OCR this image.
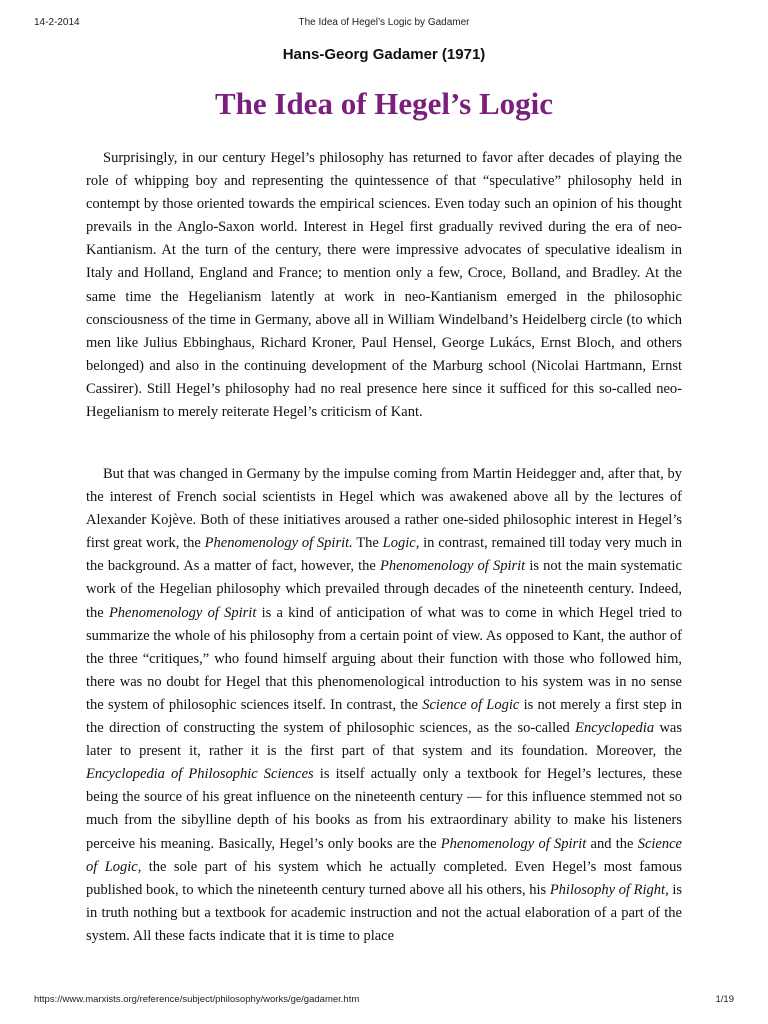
14-2-2014	The Idea of Hegel’s Logic by Gadamer
Hans-Georg Gadamer (1971)
The Idea of Hegel’s Logic

Surprisingly, in our century Hegel’s philosophy has returned to favor after decades of playing the role of whipping boy and representing the quintessence of that “speculative” philosophy held in contempt by those oriented towards the empirical sciences. Even today such an opinion of his thought prevails in the Anglo-Saxon world. Interest in Hegel first gradually revived during the era of neo-Kantianism. At the turn of the century, there were impressive advocates of speculative idealism in Italy and Holland, England and France; to mention only a few, Croce, Bolland, and Bradley. At the same time the Hegelianism latently at work in neo-Kantianism emerged in the philosophic consciousness of the time in Germany, above all in William Windelband’s Heidelberg circle (to which men like Julius Ebbinghaus, Richard Kroner, Paul Hensel, George Lukács, Ernst Bloch, and others belonged) and also in the continuing development of the Marburg school (Nicolai Hartmann, Ernst Cassirer). Still Hegel’s philosophy had no real presence here since it sufficed for this so-called neo-Hegelianism to merely reiterate Hegel’s criticism of Kant.

But that was changed in Germany by the impulse coming from Martin Heidegger and, after that, by the interest of French social scientists in Hegel which was awakened above all by the lectures of Alexander Kojève. Both of these initiatives aroused a rather one-sided philosophic interest in Hegel’s first great work, the Phenomenology of Spirit. The Logic, in contrast, remained till today very much in the background. As a matter of fact, however, the Phenomenology of Spirit is not the main systematic work of the Hegelian philosophy which prevailed through decades of the nineteenth century. Indeed, the Phenomenology of Spirit is a kind of anticipation of what was to come in which Hegel tried to summarize the whole of his philosophy from a certain point of view. As opposed to Kant, the author of the three “critiques,” who found himself arguing about their function with those who followed him, there was no doubt for Hegel that this phenomenological introduction to his system was in no sense the system of philosophic sciences itself. In contrast, the Science of Logic is not merely a first step in the direction of constructing the system of philosophic sciences, as the so-called Encyclopedia was later to present it, rather it is the first part of that system and its foundation. Moreover, the Encyclopedia of Philosophic Sciences is itself actually only a textbook for Hegel’s lectures, these being the source of his great influence on the nineteenth century — for this influence stemmed not so much from the sibylline depth of his books as from his extraordinary ability to make his listeners perceive his meaning. Basically, Hegel’s only books are the Phenomenology of Spirit and the Science of Logic, the sole part of his system which he actually completed. Even Hegel’s most famous published book, to which the nineteenth century turned above all his others, his Philosophy of Right, is in truth nothing but a textbook for academic instruction and not the actual elaboration of a part of the system. All these facts indicate that it is time to place

https://www.marxists.org/reference/subject/philosophy/works/ge/gadamer.htm	1/19
